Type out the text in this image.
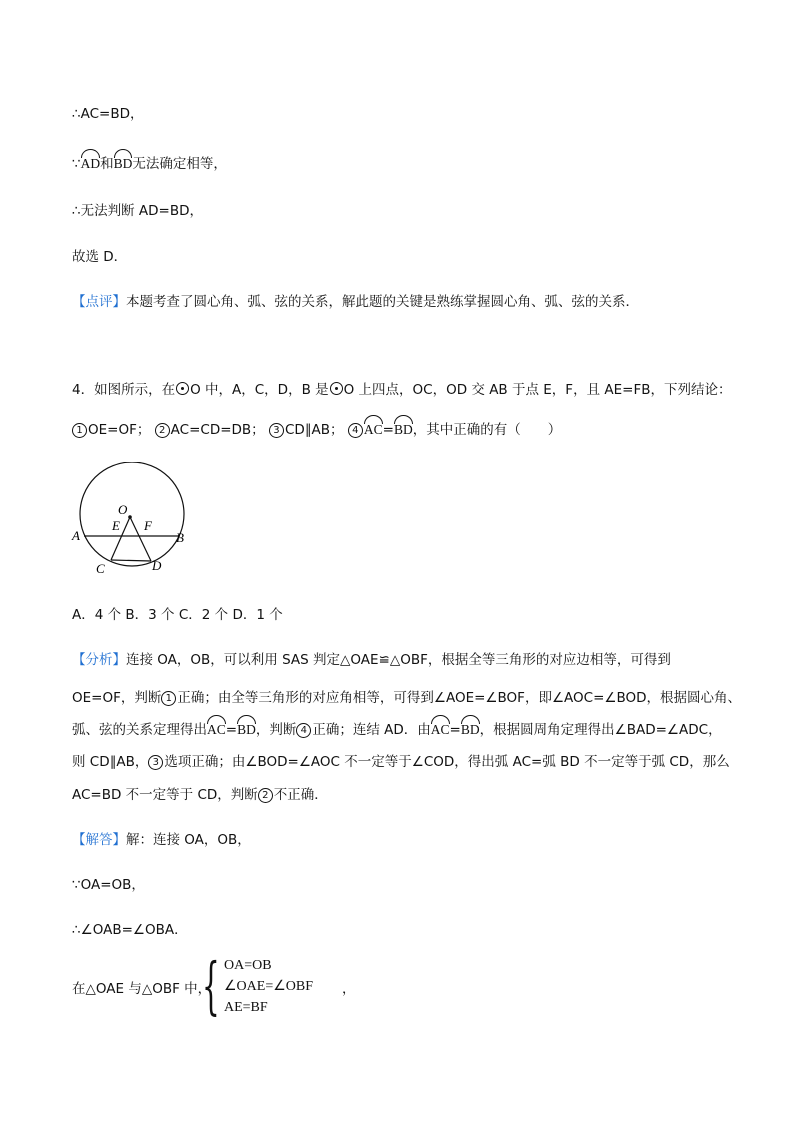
∴AC=BD，
∵AD和BD无法确定相等，
∴无法判断 AD=BD，
故选 D．
【点评】本题考查了圆心角、弧、弦的关系，解此题的关键是熟练掌握圆心角、弧、弦的关系．
4．如图所示，在 O 中，A，C，D，B 是 O 上四点，OC，OD 交 AB 于点 E，F，且 AE=FB，下列结论：
1 OE=OF； 2 AC=CD=DB； 3 CD∥AB； 4 AC=BD，其中正确的有（　　）
O
E F
A	B
C	D
A．4 个 B．3 个 C．2 个 D．1 个
【分析】连接 OA，OB，可以利用 SAS 判定△OAE≌△OBF，根据全等三角形的对应边相等，可得到
OE=OF，判断 1 正确；由全等三角形的对应角相等，可得到∠AOE=∠BOF，即∠AOC=∠BOD，根据圆心角、
弧、弦的关系定理得出AC=BD，判断 4 正确；连结 AD．由AC=BD，根据圆周角定理得出∠BAD=∠ADC，
则 CD∥AB， 3 选项正确；由∠BOD=∠AOC 不一定等于∠COD，得出弧 AC=弧 BD 不一定等于弧 CD，那么
AC=BD 不一定等于 CD，判断 2 不正确．
【解答】解：连接 OA，OB，
∵OA=OB，
∴∠OAB=∠OBA．
在△OAE 与△OBF 中，
{ OA=OB
∠OAE=∠OBF
AE=BF
，
